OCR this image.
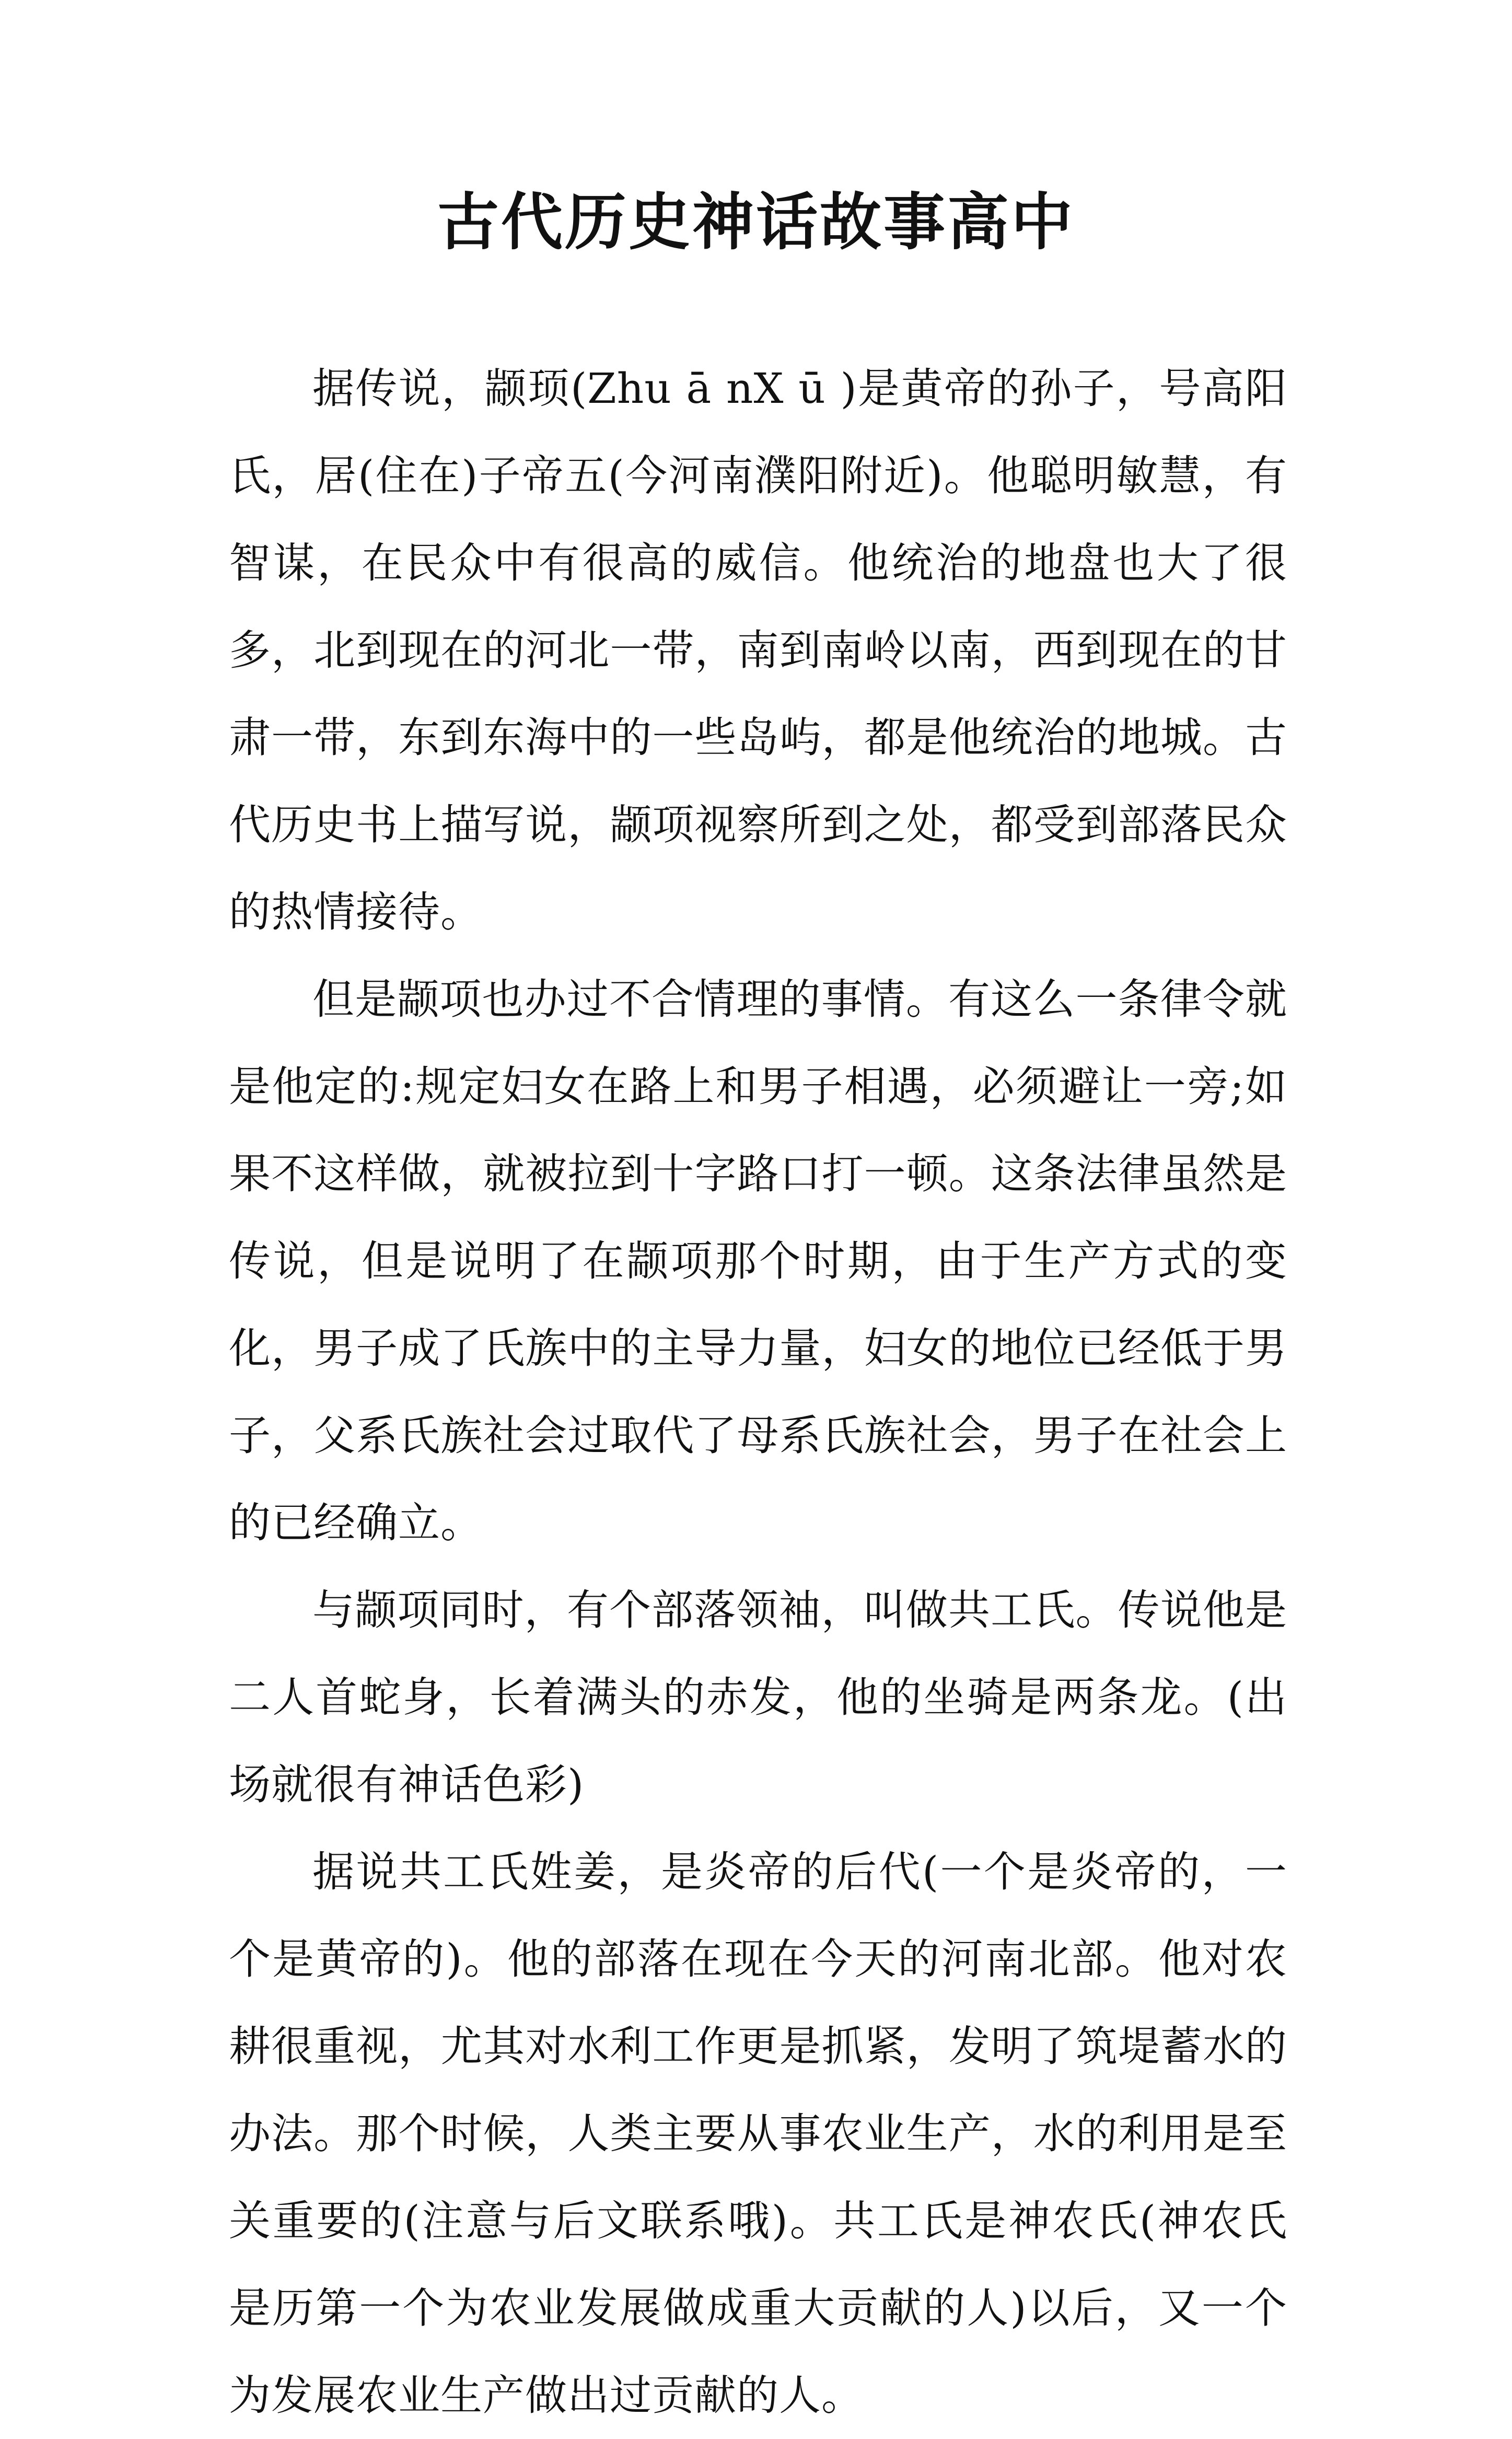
古代历史神话故事高中

据传说，颛顼(Zhu ā nX ū )是黄帝的孙子，号高阳氏，居(住在)子帝五(今河南濮阳附近)。他聪明敏慧，有智谋，在民众中有很高的威信。他统治的地盘也大了很多，北到现在的河北一带，南到南岭以南，西到现在的甘肃一带，东到东海中的一些岛屿，都是他统治的地城。古代历史书上描写说，颛项视察所到之处，都受到部落民众的热情接待。

但是颛项也办过不合情理的事情。有这么一条律令就是他定的:规定妇女在路上和男子相遇，必须避让一旁;如果不这样做，就被拉到十字路口打一顿。这条法律虽然是传说，但是说明了在颛项那个时期，由于生产方式的变化，男子成了氏族中的主导力量，妇女的地位已经低于男子，父系氏族社会过取代了母系氏族社会，男子在社会上的已经确立。

与颛项同时，有个部落领袖，叫做共工氏。传说他是二人首蛇身，长着满头的赤发，他的坐骑是两条龙。(出场就很有神话色彩)

据说共工氏姓姜，是炎帝的后代(一个是炎帝的，一个是黄帝的)。他的部落在现在今天的河南北部。他对农耕很重视，尤其对水利工作更是抓紧，发明了筑堤蓄水的办法。那个时候，人类主要从事农业生产，水的利用是至关重要的(注意与后文联系哦)。共工氏是神农氏(神农氏是历第一个为农业发展做成重大贡献的人)以后，又一个为发展农业生产做出过贡献的人。
